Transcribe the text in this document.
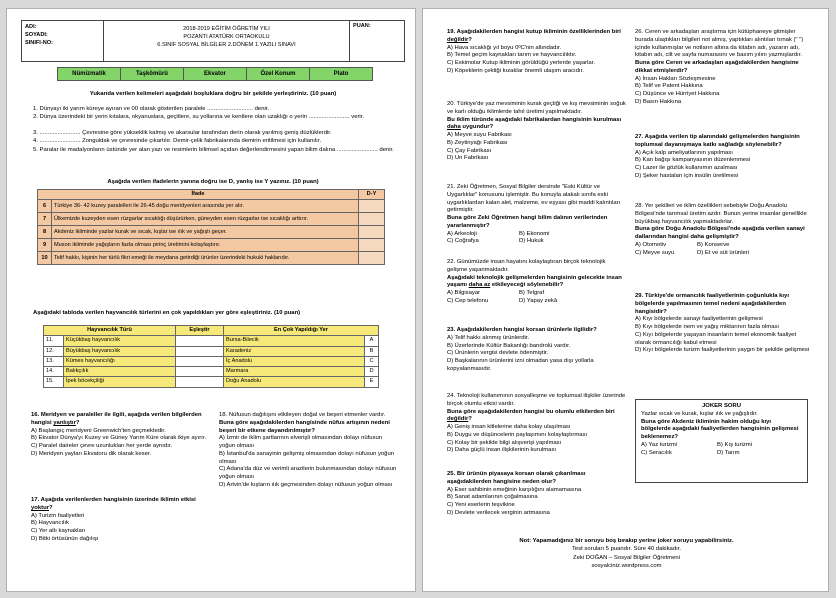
ADI:
SOYADI:
SINIFI-NO:
2018-2019 EĞİTİM ÖĞRETİM YILI
POZANTI ATATÜRK ORTAOKULU
6.SINIF SOSYAL BİLGİLER 2.DÖNEM 1.YAZILI SINAVI
PUAN:
Nümizmatik	Taşkömürü	Ekvator	Özel Konum	Plato
Yukarıda verilen kelimeleri aşağıdaki boşluklara doğru bir şekilde yerleştiriniz. (10 puan)
1. Dünyayı iki yarım küreye ayıran ve 00 olarak gösterilen paralele ............................ denir.
2. Dünya üzerindeki bir yerin kıtalara, okyanuslara, geçitlere, su yollarına ve kentlere olan uzaklığı o yerin ......................... verir.
3. ......................... Çevresine göre yükseklik kalmış ve akarsular tarafından derin olarak yarılmış geniş düzlüklerdir.
4. ......................... Zonguldak ve çevresinde çıkartılır. Demir-çelik fabrikalarında demirin eritilmesi için kullanılır.
5. Paralar ile madalyonların üstünde yer alan yazı ve resimlerin bilimsel açıdan değerlendirmesini yapan bilim dalına ......................... denir.
Aşağıda verilen ifadelerin yanına doğru ise D, yanlış ise Y yazınız. (10 puan)
İfade		D-Y
6	Türkiye 36- 42 kuzey paralelleri ile 26-45 doğu meridyenleri arasında yer alır.	
7	Ülkemizde kuzeyden esen rüzgarlar sıcaklığı düşürürken, güneyden esen rüzgarlar ise sıcaklığı arttırır.	
8	Akdeniz ikliminde yazlar kurak ve sıcak, kışlar ise ılık ve yağışlı geçer.	
9	Muson ikliminde yağışların fazla olması pirinç üretimini kolaylaştırır.	
10	Telif hakkı, kişinin her türlü fikri emeği ile meydana getirdiği ürünler üzerindeki hukuki haklarıdır.	
Aşağıdaki tabloda verilen hayvancılık türlerini en çok yapıldıkları yer göre eşleştiriniz. (10 puan)
Hayvancılık Türü		Eşleştir	En Çok Yapıldığı Yer	
11.	Küçükbaş hayvancılık		Bursa-Bilecik	A
12.	Büyükbaş hayvancılık		Karadeniz	B
13.	Kümes hayvancılığı		İç Anadolu	C
14.	Balıkçılık		Marmara	D
15.	İpek böcekçiliği		Doğu Anadolu	E
16. Meridyen ve paraleller ile ilgili, aşağıda verilen bilgilerden hangisi yanlıştır?
A) Başlangıç meridyeni Greenwich'ten geçmektedir.
B) Ekvator Dünya'yı Kuzey ve Güney Yarım Küre olarak ikiye ayırır.
C) Paralel daireler çevre uzunlukları her yerde aynıdır.
D) Meridyen yayları Ekvatoru dik olarak keser.
17. Aşağıda verilenlerden hangisinin üzerinde iklimin etkisi yoktur?
A) Turizm faaliyetleri
B) Hayvancılık
C) Yer altı kaynakları
D) Bitki örtüsünün dağılışı
18. Nüfusun dağılışını etkileyen doğal ve beşeri etmenler vardır.
Buna göre aşağıdakilerden hangisinde nüfus artışının nedeni beşeri bir etkene dayandırılmıştır?
A) İzmir de iklim şartlarının elverişli olmasından dolayı nüfusun yoğun olması
B) İstanbul'da sanayinin gelişmiş olmasından dolayı nüfusun yoğun olması
C) Adana'da düz ve verimli arazilerin bulunmasından dolayı nüfusun yoğun olması
D) Artvin'de kışların ılık geçmesinden dolayı nüfusun yoğun olması
19. Aşağıdakilerden hangisi kutup ikliminin özelliklerinden biri değildir?
A) Hava sıcaklığı yıl boyu 0ºC'nin altındadır.
B) Temel geçim kaynakları tarım ve hayvancılıktır.
C) Eskimolar Kutup ikliminin görüldüğü yerlerde yaşarlar.
D) Köpeklerin çektiği kızaklar önemli ulaşım aracıdır.
20. Türkiye'de yaz mevsiminin kurak geçtiği ve kış mevsiminin soğuk ve karlı olduğu iklimlerde tahıl üretimi yapılmaktadır.
Bu iklim türünde aşağıdaki fabrikalardan hangisinin kurulması daha uygundur?
A) Meyve suyu Fabrikası
B) Zeytinyağı Fabrikası
C) Çay Fabrikası
D) Un Fabrikası
21. Zeki Öğretmen, Sosyal Bilgiler dersinde "Eski Kültür ve Uygarlıklar" konusunu işlemiştir. Bu konuyla alakalı sınıfa eski uygarlıklardan kalan alet, malzeme, ev eşyası gibi maddi kalıntıları getirmiştir.
Buna göre Zeki Öğretmen hangi bilim dalının verilerinden yararlanmıştır?
A) Arkeoloji	B) Ekonomi
C) Coğrafya	D) Hukuk
22. Günümüzde insan hayatını kolaylaştıran birçok teknolojik gelişme yaşanmaktadır.
Aşağıdaki teknolojik gelişmelerden hangisinin gelecekte insan yaşamı daha az etkileyeceği söylenebilir?
A) Bilgisayar	B) Telgraf
C) Cep telefonu	D) Yapay zekâ
23. Aşağıdakilerden hangisi korsan ürünlerle ilgilidir?
A) Telif hakkı alınmış ürünlerdir.
B) Üzerlerinde Kültür Bakanlığı bandrolü vardır.
C) Ürünlerin vergisi devlete ödenmiştir.
D) Başkalarının ürünlerini izni olmadan yasa dışı yollarla kopyalanmasıdır.
24. Teknoloji kullanımının sosyalleşme ve toplumsal ilişkiler üzerinde birçok olumlu etkisi vardır.
Buna göre aşağıdakilerden hangisi bu olumlu etkilerden biri değildir?
A) Geniş insan kitlelerine daha kolay ulaşılması
B) Duygu ve düşüncelerin paylaşımını kolaylaştırması
C) Kolay bir şekilde bilgi alışverişi yapılması
D) Daha güçlü insan ilişkilerinin kurulması
25. Bir ürünün piyasaya korsan olarak çıkarılması aşağıdakilerden hangisine neden olur?
A) Eser sahibinin emeğinin karşılığını alamamasına
B) Sanat adamlarının çoğalmasına
C) Yeni eserlerin teşvikine
D) Devlete verilecek verginin artmasına
26. Ceren ve arkadaşları araştırma için kütüphaneye gitmişler burada ulaştıkları bilgileri not almış, yaptıkları alıntıları tırnak (" ") içinde kullanmışlar ve notların altına da kitabın adı, yazarın adı, kitabın adı, cilt ve sayfa numarasını ve basım yılını yazmışlardır.
Buna göre Ceren ve arkadaşları aşağıdakilerden hangisine dikkat etmişlerdir?
A) İnsan Hakları Sözleşmesine
B) Telif ve Patent Hakkına
C) Düşünce ve Hürriyet Hakkına
D) Basın Hakkına
27. Aşağıda verilen tip alanındaki gelişmelerden hangisinin toplumsal dayanışmaya katkı sağladığı söylenebilir?
A) Açık kalp ameliyatlarının yapılması
B) Kan bağışı kampanyasının düzenlenmesi
C) Lazer ile gözlük kullanımın azalması
D) Şeker hastaları için insülin üretilmesi
28. Yer şekilleri ve iklim özellikleri sebebiyle Doğu Anadolu Bölgesi'nde tarımsal üretim azdır. Bunun yerine insanlar genellikle büyükbaş hayvancılık yapmaktadırlar.
Buna göre Doğu Anadolu Bölgesi'nde aşağıda verilen sanayi dallarından hangisi daha gelişmiştir?
A) Otomotiv	B) Konserve
C) Meyve suyu	D) Et ve süt ürünleri
29. Türkiye'de ormancılık faaliyetlerinin çoğunlukla kıyı bölgelerde yapılmasının temel nedeni aşağıdakilerden hangisidir?
A) Kıyı bölgelerde sanayi faaliyetlerinin gelişmesi
B) Kıyı bölgelerde nem ve yağış miktarının fazla olması
C) Kıyı bölgelerde yaşayan insanların temel ekonomik faaliyet olarak ormancılığı kabul etmesi
D) Kıyı bölgelerde turizm faaliyetlerinin yaygın bir şekilde gelişmesi
JOKER SORU
Yazlar sıcak ve kurak, kışlar ılık ve yağışlıdır.
Buna göre Akdeniz ikliminin hakim olduğu kıyı bölgelerde aşağıdaki faaliyetlerden hangisinin gelişmesi beklenemez?
A) Yaz turizmi	B) Kış turizmi
C) Seracılık	D) Tarım
Not: Yapamadığınız bir soruyu boş bırakıp yerine joker soruyu yapabilirsiniz.
Test soruları 5 puandır. Süre 40 dakikadır.
Zeki DOĞAN – Sosyal Bilgiler Öğretmeni
sosyalciniz.wordpress.com
